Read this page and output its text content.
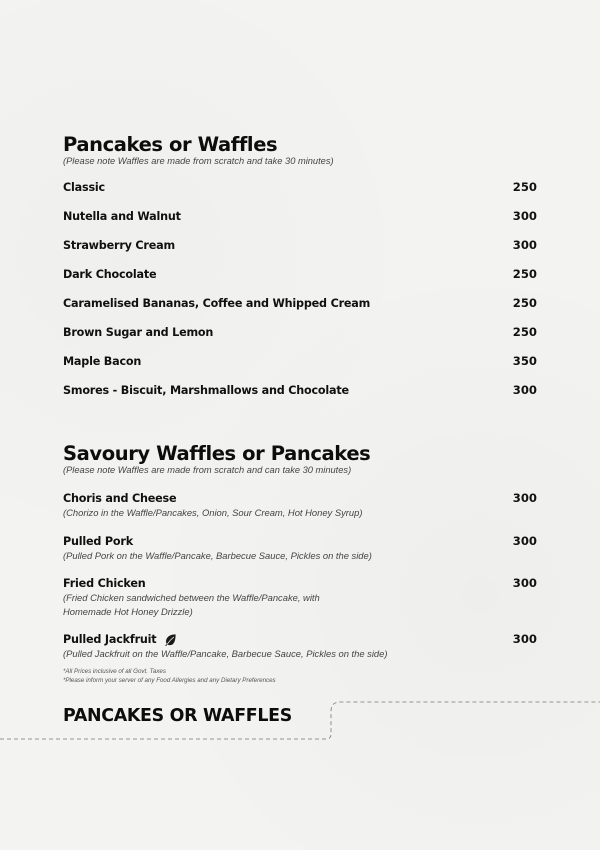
Pancakes or Waffles

(Please note Waffles are made from scratch and take 30 minutes)

Classic	250
Nutella and Walnut	300
Strawberry Cream	300
Dark Chocolate	250
Caramelised Bananas, Coffee and Whipped Cream	250
Brown Sugar and Lemon	250
Maple Bacon	350
Smores - Biscuit, Marshmallows and Chocolate	300
Savoury Waffles or Pancakes

(Please note Waffles are made from scratch and can take 30 minutes)

Choris and Cheese	300
(Chorizo in the Waffle/Pancakes, Onion, Sour Cream, Hot Honey Syrup)
Pulled Pork	300
(Pulled Pork on the Waffle/Pancake, Barbecue Sauce, Pickles on the side)
Fried Chicken	300
(Fried Chicken sandwiched between the Waffle/Pancake, with
Homemade Hot Honey Drizzle)
Pulled Jackfruit	300
(Pulled Jackfruit on the Waffle/Pancake, Barbecue Sauce, Pickles on the side)

*All Prices inclusive of all Govt. Taxes

*Please inform your server of any Food Allergies and any Dietary Preferences

PANCAKES OR WAFFLES
